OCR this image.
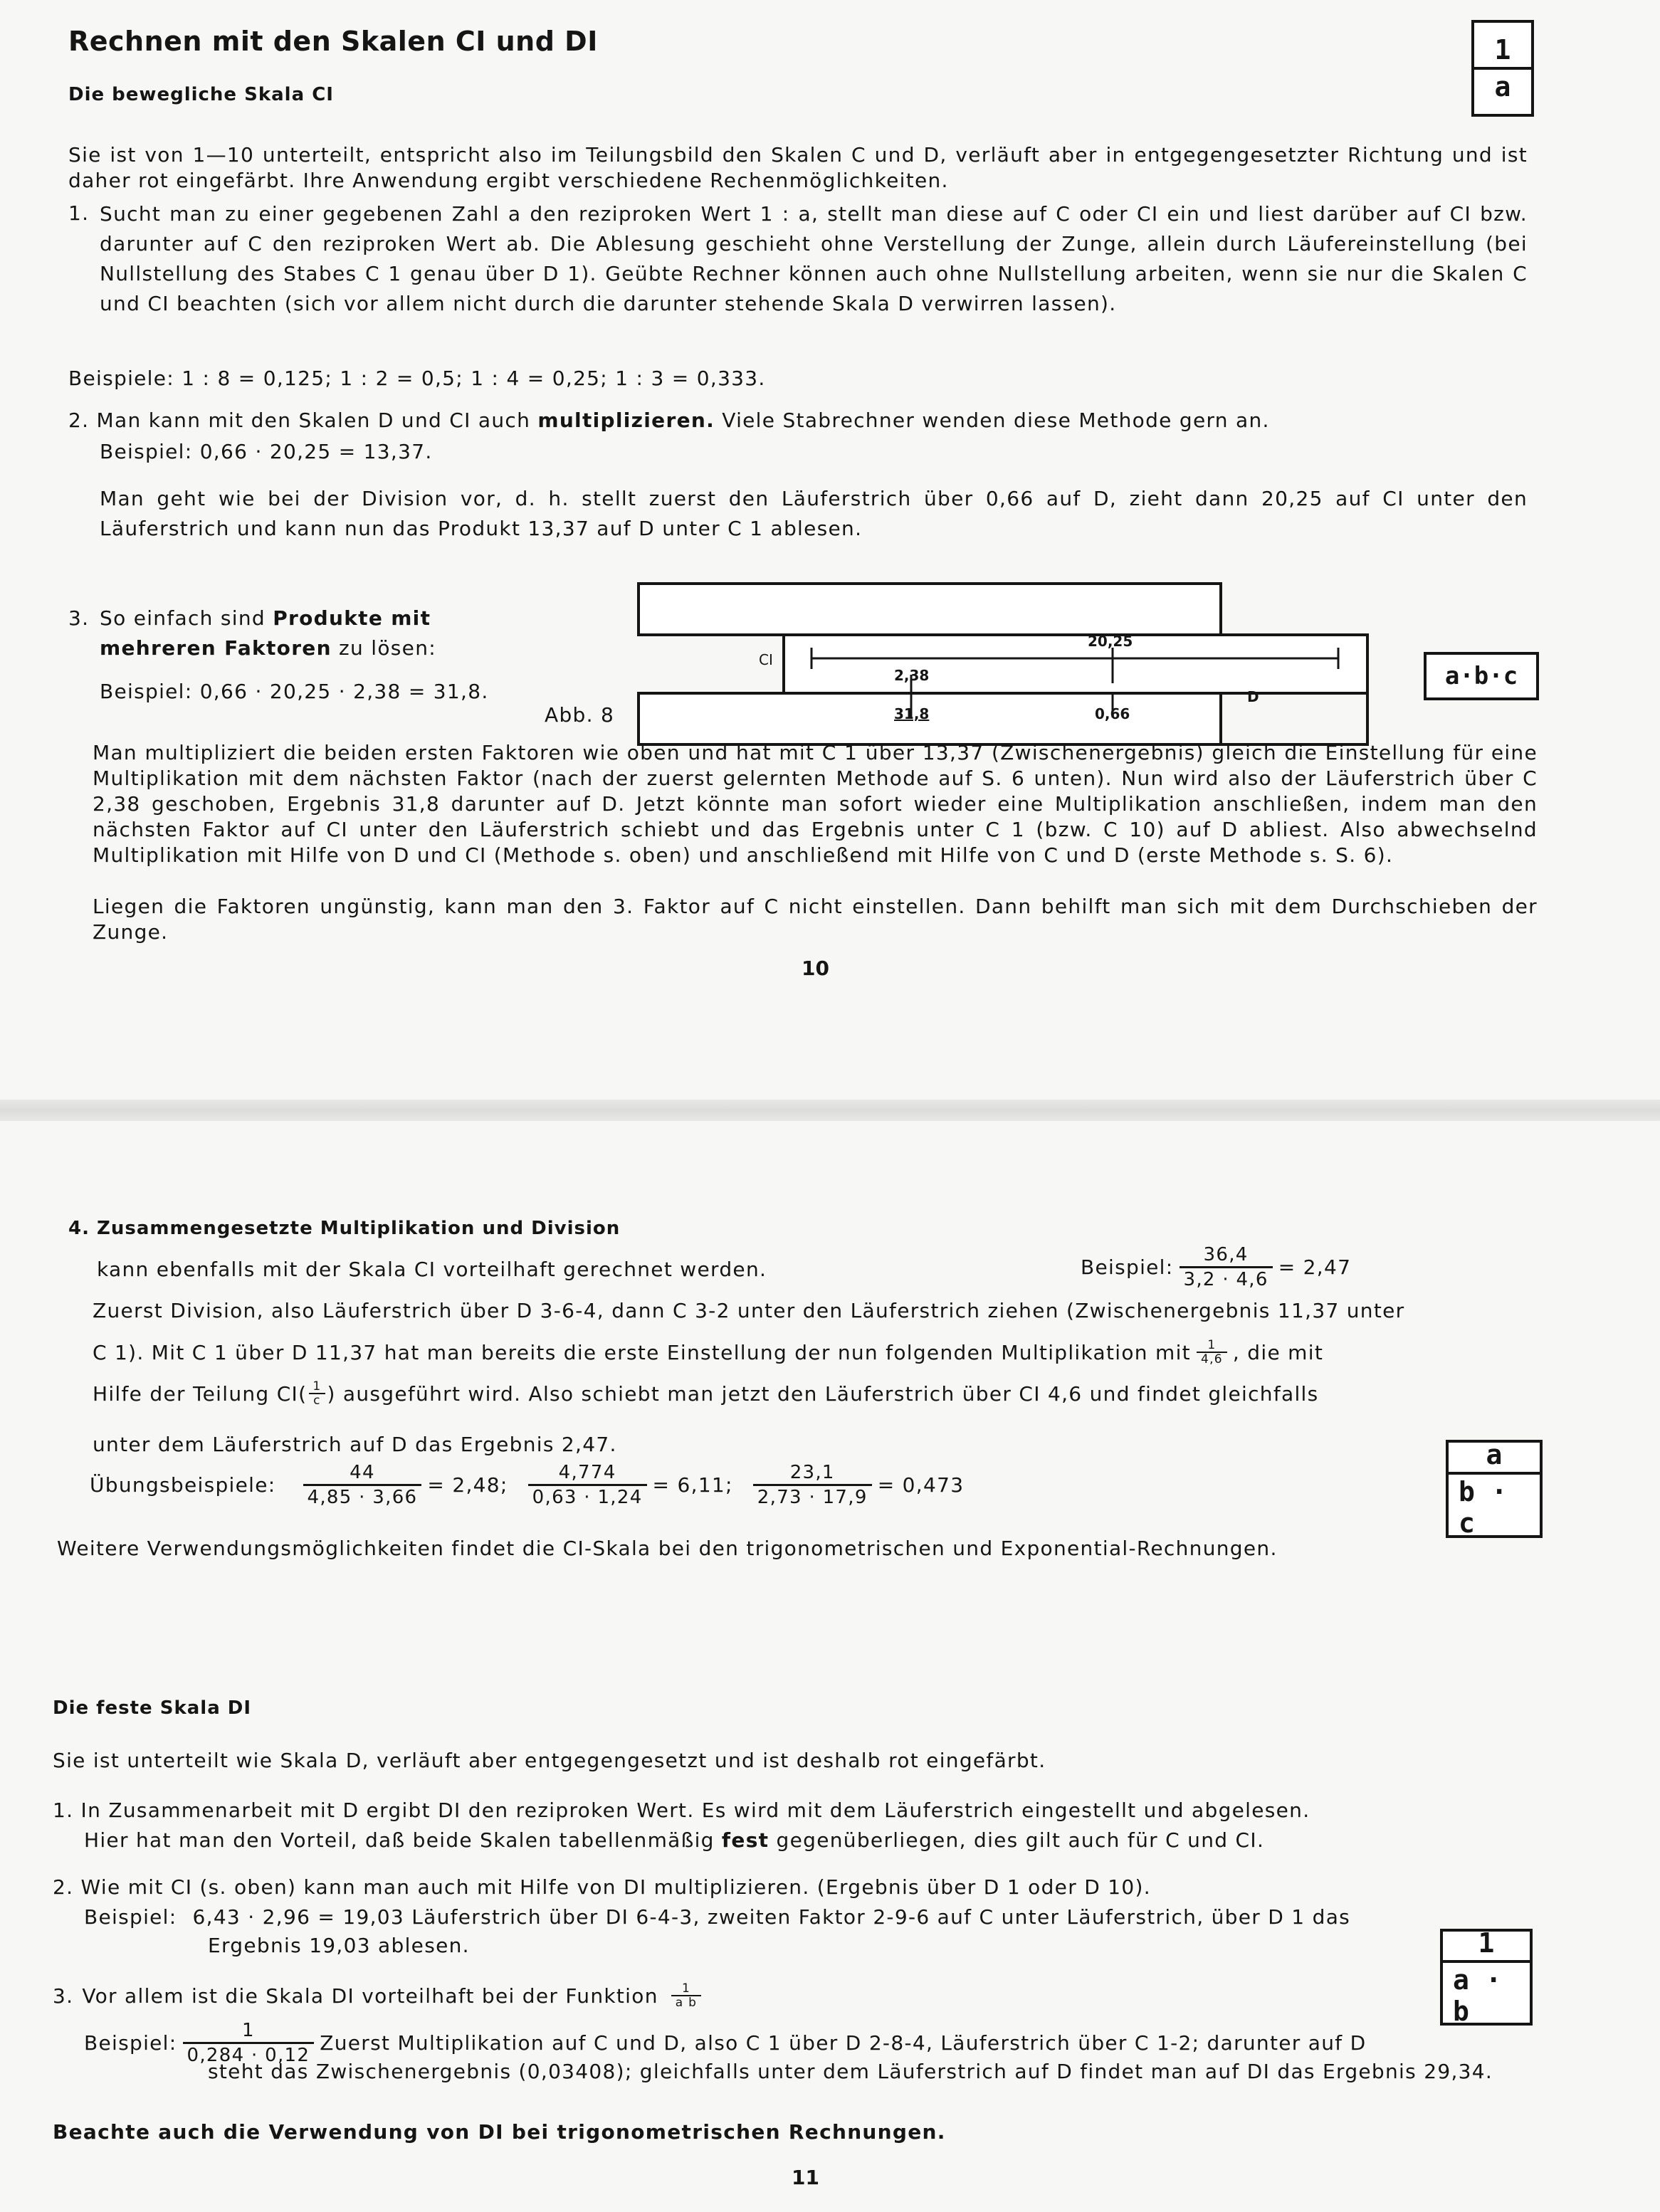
Rechnen mit den Skalen CI und DI
Die bewegliche Skala CI
1
a
Sie ist von 1—10 unterteilt, entspricht also im Teilungsbild den Skalen C und D, verläuft aber in entgegengesetzter Richtung und ist daher rot eingefärbt. Ihre Anwendung ergibt verschiedene Rechenmöglichkeiten.
1. Sucht man zu einer gegebenen Zahl a den reziproken Wert 1 : a, stellt man diese auf C oder CI ein und liest darüber auf CI bzw. darunter auf C den reziproken Wert ab. Die Ablesung geschieht ohne Verstellung der Zunge, allein durch Läufereinstellung (bei Nullstellung des Stabes C 1 genau über D 1). Geübte Rechner können auch ohne Nullstellung arbeiten, wenn sie nur die Skalen C und CI beachten (sich vor allem nicht durch die darunter stehende Skala D verwirren lassen).
Beispiele: 1 : 8 = 0,125; 1 : 2 = 0,5; 1 : 4 = 0,25; 1 : 3 = 0,333.
2. Man kann mit den Skalen D und CI auch multiplizieren. Viele Stabrechner wenden diese Methode gern an.
Beispiel: 0,66 · 20,25 = 13,37.
Man geht wie bei der Division vor, d. h. stellt zuerst den Läuferstrich über 0,66 auf D, zieht dann 20,25 auf CI unter den Läuferstrich und kann nun das Produkt 13,37 auf D unter C 1 ablesen.
3. So einfach sind Produkte mit mehreren Faktoren zu lösen:
Beispiel: 0,66 · 20,25 · 2,38 = 31,8.
Abb. 8
CI
D
20,25
2,38
31,8	0,66
a·b·c
Man multipliziert die beiden ersten Faktoren wie oben und hat mit C 1 über 13,37 (Zwischenergebnis) gleich die Einstellung für eine Multiplikation mit dem nächsten Faktor (nach der zuerst gelernten Methode auf S. 6 unten). Nun wird also der Läuferstrich über C 2,38 geschoben, Ergebnis 31,8 darunter auf D. Jetzt könnte man sofort wieder eine Multiplikation anschließen, indem man den nächsten Faktor auf CI unter den Läuferstrich schiebt und das Ergebnis unter C 1 (bzw. C 10) auf D abliest. Also abwechselnd Multiplikation mit Hilfe von D und CI (Methode s. oben) und anschließend mit Hilfe von C und D (erste Methode s. S. 6).
Liegen die Faktoren ungünstig, kann man den 3. Faktor auf C nicht einstellen. Dann behilft man sich mit dem Durchschieben der Zunge.
10
4. Zusammengesetzte Multiplikation und Division
kann ebenfalls mit der Skala CI vorteilhaft gerechnet werden.	Beispiel: $\frac{36,4}{3,2 \cdot 4,6} = 2,47$
Zuerst Division, also Läuferstrich über D 3-6-4, dann C 3-2 unter den Läuferstrich ziehen (Zwischenergebnis 11,37 unter
C 1). Mit C 1 über D 11,37 hat man bereits die erste Einstellung der nun folgenden Multiplikation mit $\frac{1}{4,6}$ , die mit
Hilfe der Teilung $CI( \frac{1}{c}$ ) ausgeführt wird. Also schiebt man jetzt den Läuferstrich über CI 4,6 und findet gleichfalls
unter dem Läuferstrich auf D das Ergebnis 2,47.
Übungsbeispiele: $\frac{44}{4,85 \cdot 3,66} = 2,48$; $\frac{4,774}{0,63 \cdot 1,24} = 6,11$; $\frac{23,1}{2,73 \cdot 17,9} = 0,473$
a
b · c
Weitere Verwendungsmöglichkeiten findet die CI-Skala bei den trigonometrischen und Exponential-Rechnungen.
Die feste Skala DI
Sie ist unterteilt wie Skala D, verläuft aber entgegengesetzt und ist deshalb rot eingefärbt.
1. In Zusammenarbeit mit D ergibt DI den reziproken Wert. Es wird mit dem Läuferstrich eingestellt und abgelesen.
Hier hat man den Vorteil, daß beide Skalen tabellenmäßig fest gegenüberliegen, dies gilt auch für C und CI.
2. Wie mit CI (s. oben) kann man auch mit Hilfe von DI multiplizieren. (Ergebnis über D 1 oder D 10).
Beispiel: 6,43 · 2,96 = 19,03 Läuferstrich über DI 6-4-3, zweiten Faktor 2-9-6 auf C unter Läuferstrich, über D 1 das
Ergebnis 19,03 ablesen.
3. Vor allem ist die Skala DI vorteilhaft bei der Funktion $\frac{1}{\text{a b}}$
1
a · b
Beispiel: $\frac{1}{0,284 \cdot 0,12}$ Zuerst Multiplikation auf C und D, also C 1 über D 2-8-4, Läuferstrich über C 1-2; darunter auf D
steht das Zwischenergebnis (0,03408); gleichfalls unter dem Läuferstrich auf D findet man auf DI das Ergebnis 29,34.
Beachte auch die Verwendung von DI bei trigonometrischen Rechnungen.
11
